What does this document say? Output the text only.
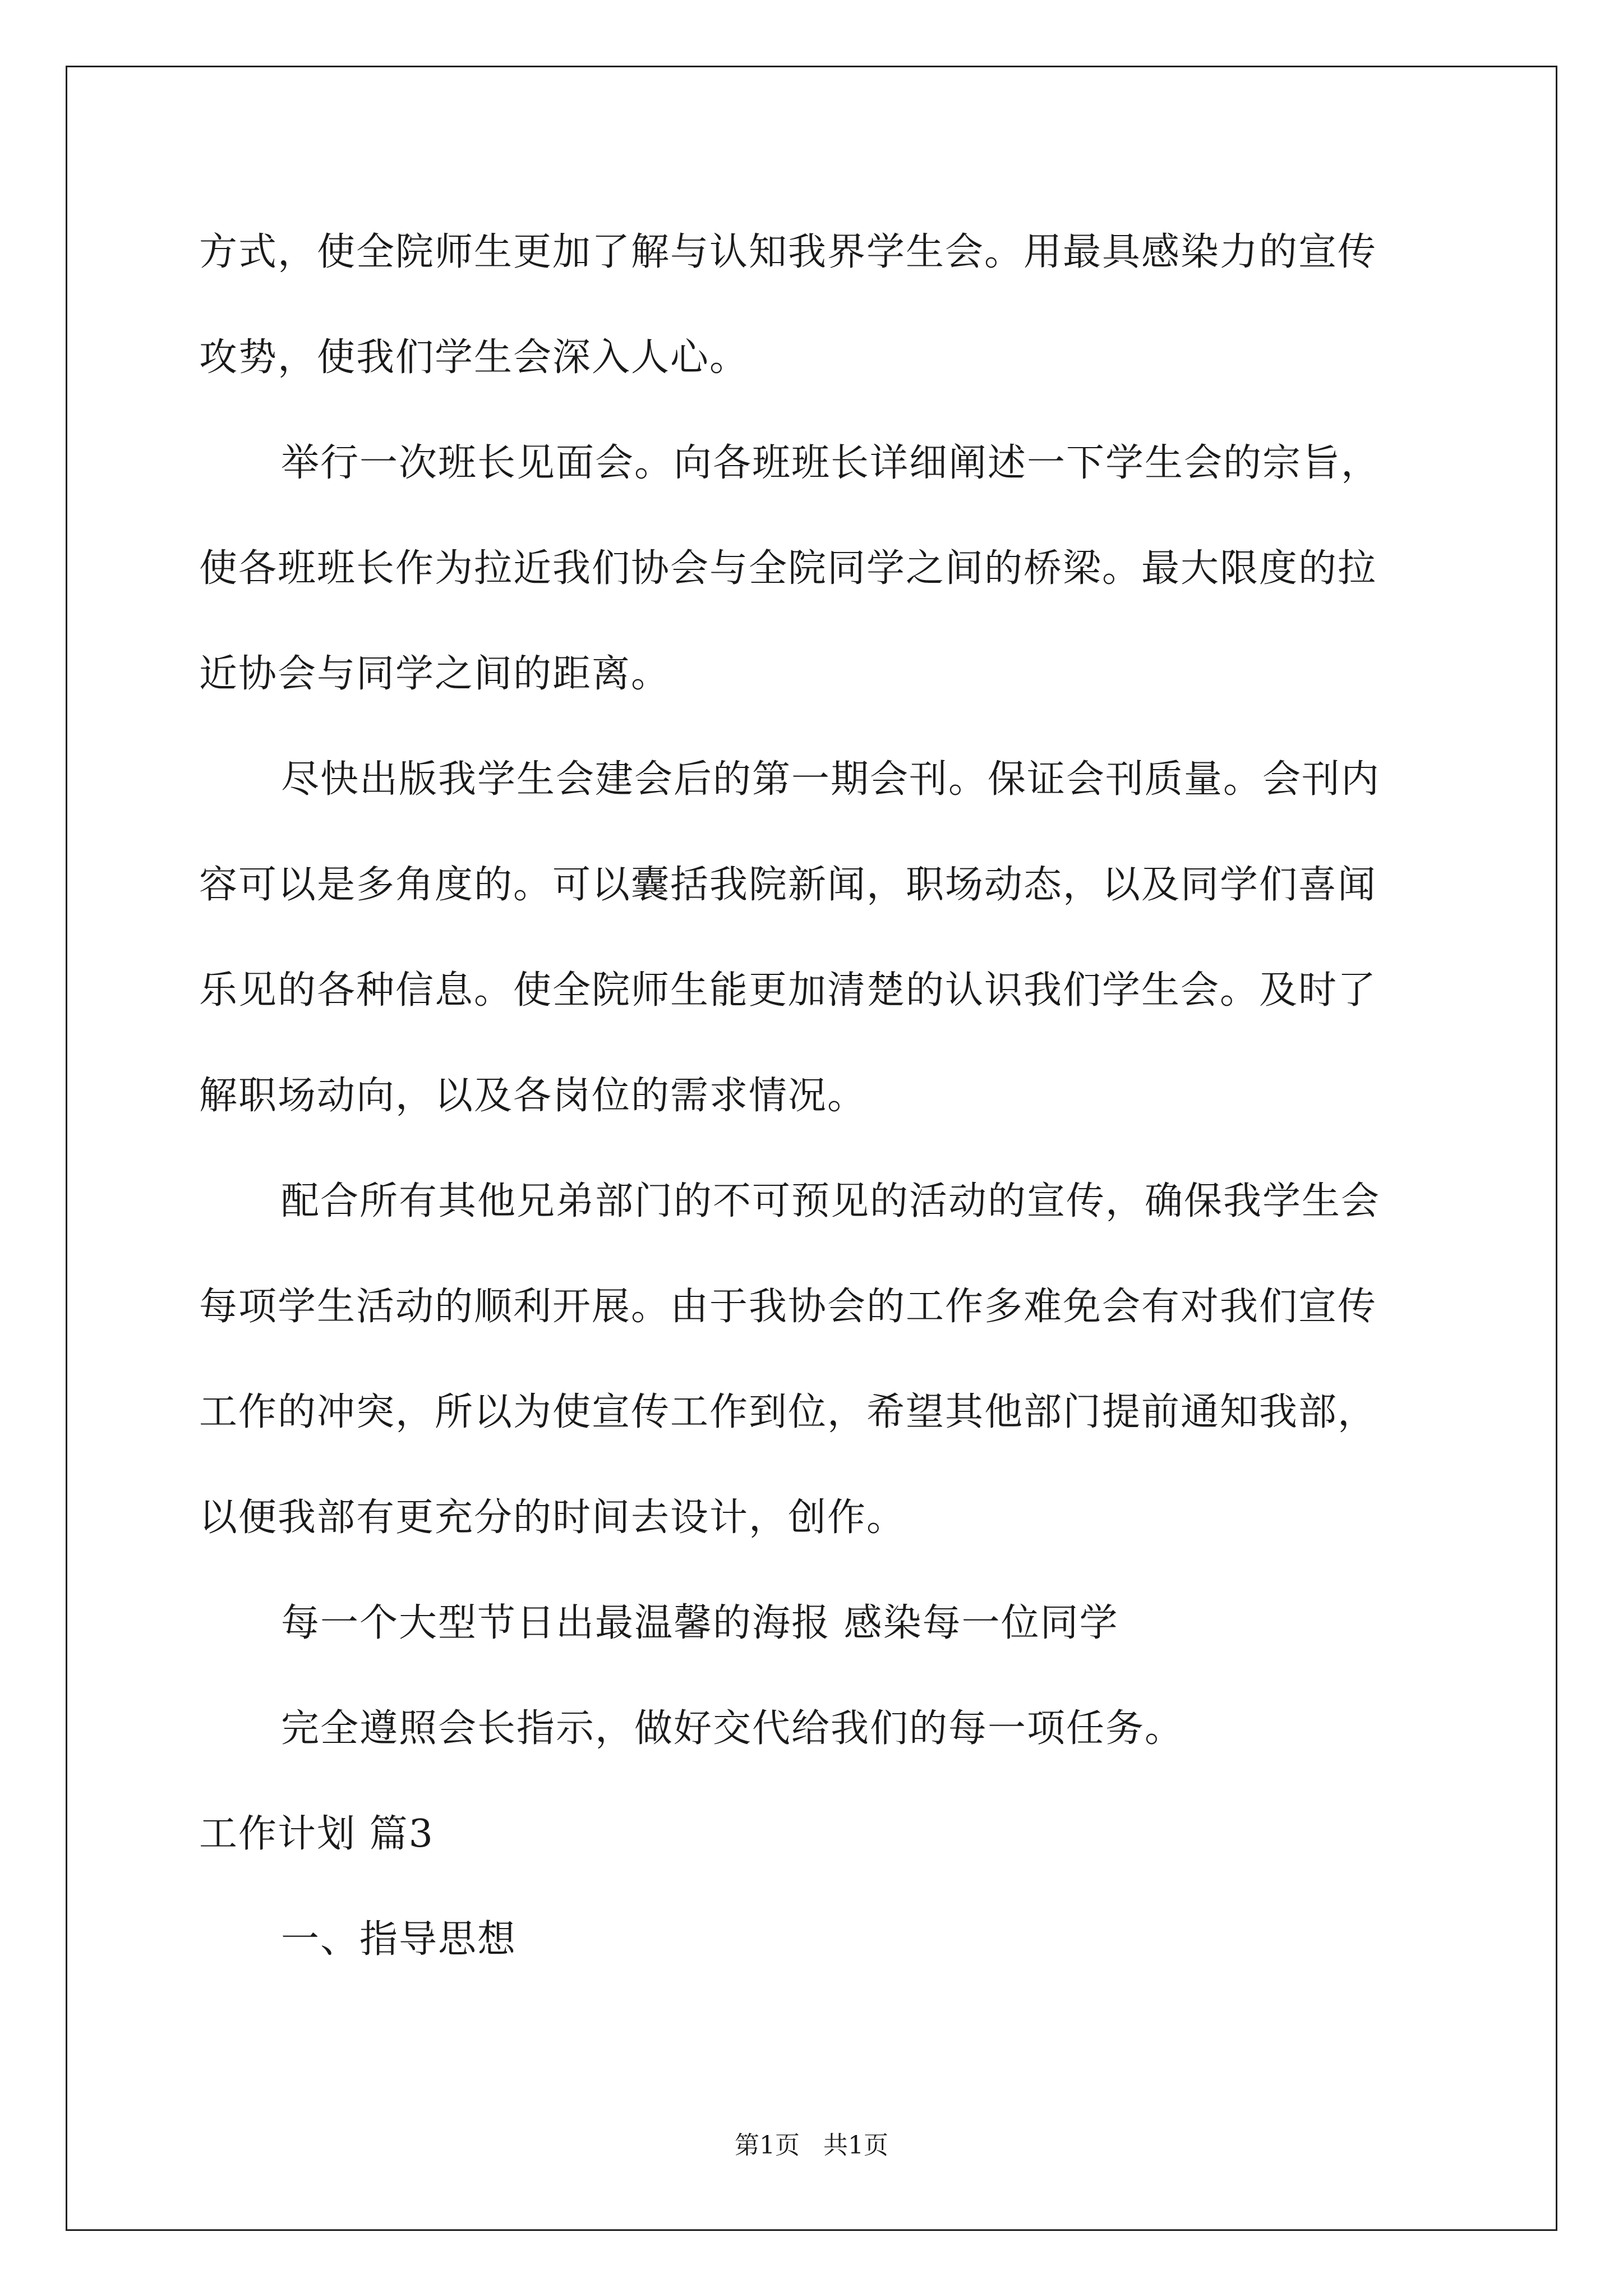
方式，使全院师生更加了解与认知我界学生会。用最具感染力的宣传
攻势，使我们学生会深入人心。
举行一次班长见面会。向各班班长详细阐述一下学生会的宗旨，
使各班班长作为拉近我们协会与全院同学之间的桥梁。最大限度的拉
近协会与同学之间的距离。
尽快出版我学生会建会后的第一期会刊。保证会刊质量。会刊内
容可以是多角度的。可以囊括我院新闻，职场动态，以及同学们喜闻
乐见的各种信息。使全院师生能更加清楚的认识我们学生会。及时了
解职场动向，以及各岗位的需求情况。
配合所有其他兄弟部门的不可预见的活动的宣传，确保我学生会
每项学生活动的顺利开展。由于我协会的工作多难免会有对我们宣传
工作的冲突，所以为使宣传工作到位，希望其他部门提前通知我部，
以便我部有更充分的时间去设计，创作。
每一个大型节日出最温馨的海报 感染每一位同学
完全遵照会长指示，做好交代给我们的每一项任务。
工作计划 篇3
一、指导思想
第1页   共1页
